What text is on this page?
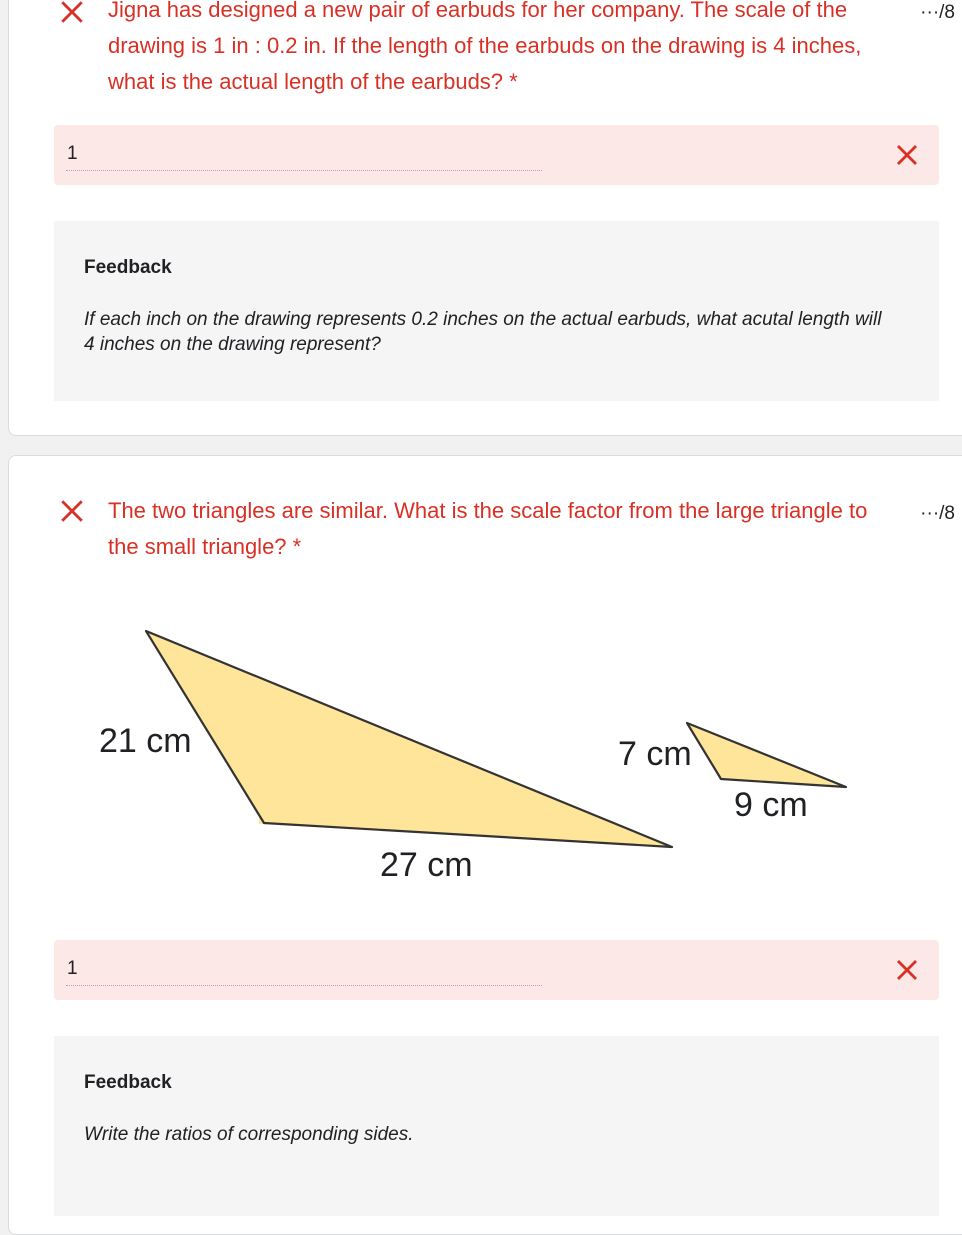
Jigna has designed a new pair of earbuds for her company. The scale of the drawing is 1 in : 0.2 in. If the length of the earbuds on the drawing is 4 inches, what is the actual length of the earbuds? *

···/8
1
Feedback
If each inch on the drawing represents 0.2 inches on the actual earbuds, what acutal length will 4 inches on the drawing represent?

The two triangles are similar. What is the scale factor from the large triangle to the small triangle? *

···/8
21 cm
27 cm
7 cm
9 cm
1
Feedback
Write the ratios of corresponding sides.
